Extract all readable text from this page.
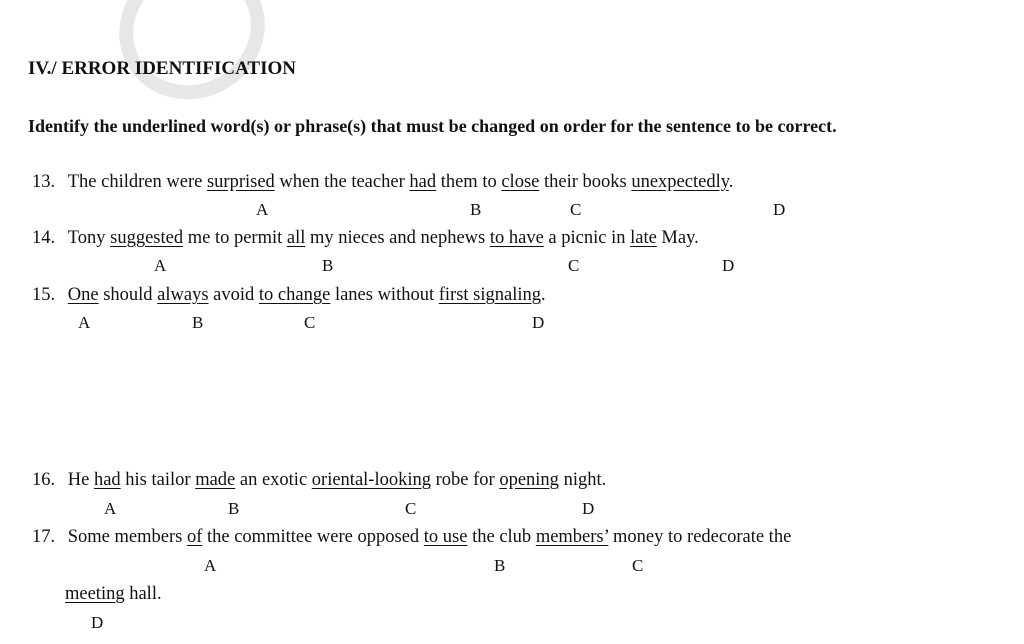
IV./ ERROR IDENTIFICATION
Identify the underlined word(s) or phrase(s) that must be changed on order for the sentence to be correct.
13. The children were surprised when the teacher had them to close their books unexpectedly.
A	B	C	D
14. Tony suggested me to permit all my nieces and nephews to have a picnic in late May.
A	B	C	D
15. One should always avoid to change lanes without first signaling.
A	B	C	D
16. He had his tailor made an exotic oriental-looking robe for opening night.
A	B	C	D
17. Some members of the committee were opposed to use the club members’ money to redecorate the
A	B	C
meeting hall.
D
